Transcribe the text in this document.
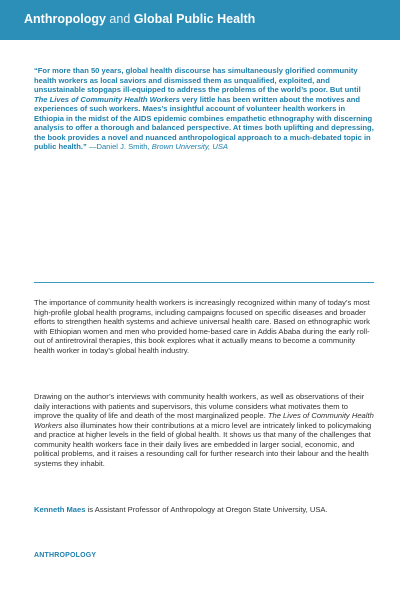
Anthropology and Global Public Health
“For more than 50 years, global health discourse has simultaneously glorified community health workers as local saviors and dismissed them as unqualified, exploited, and unsustainable stopgaps ill-equipped to address the problems of the world’s poor. But until The Lives of Community Health Workers very little has been written about the motives and experiences of such workers. Maes’s insightful account of volunteer health workers in Ethiopia in the midst of the AIDS epidemic combines empathetic ethnography with discerning analysis to offer a thorough and balanced perspective. At times both uplifting and depressing, the book provides a novel and nuanced anthropological approach to a much-debated topic in public health.” —Daniel J. Smith, Brown University, USA
The importance of community health workers is increasingly recognized within many of today’s most high-profile global health programs, including campaigns focused on specific diseases and broader efforts to strengthen health systems and achieve universal health care. Based on ethnographic work with Ethiopian women and men who provided home-based care in Addis Ababa during the early roll-out of antiretroviral therapies, this book explores what it actually means to become a community health worker in today’s global health industry.
Drawing on the author’s interviews with community health workers, as well as observations of their daily interactions with patients and supervisors, this volume considers what motivates them to improve the quality of life and death of the most marginalized people. The Lives of Community Health Workers also illuminates how their contributions at a micro level are intricately linked to policymaking and practice at higher levels in the field of global health. It shows us that many of the challenges that community health workers face in their daily lives are embedded in larger social, economic, and political problems, and it raises a resounding call for further research into their labour and the health systems they inhabit.
Kenneth Maes is Assistant Professor of Anthropology at Oregon State University, USA.
ANTHROPOLOGY
